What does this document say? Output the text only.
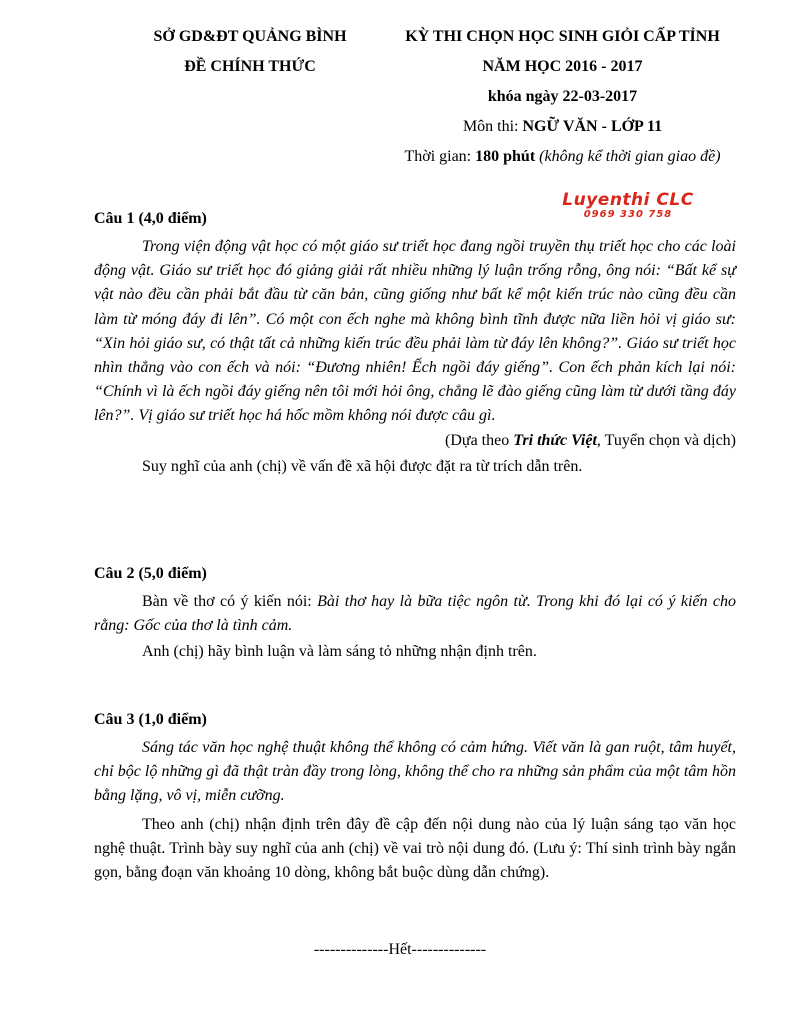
SỞ GD&ĐT QUẢNG BÌNH
ĐỀ CHÍNH THỨC
KỲ THI CHỌN HỌC SINH GIỎI CẤP TỈNH
NĂM HỌC 2016 - 2017
khóa ngày 22-03-2017
Môn thi: NGỮ VĂN - LỚP 11
Thời gian: 180 phút (không kể thời gian giao đề)
Luyenthi CLC
0969 330 758

Câu 1 (4,0 điểm)

Trong viện động vật học có một giáo sư triết học đang ngồi truyền thụ triết học cho các loài động vật. Giáo sư triết học đó giảng giải rất nhiều những lý luận trống rỗng, ông nói: “Bất kể sự vật nào đều cần phải bắt đầu từ căn bản, cũng giống như bất kể một kiến trúc nào cũng đều cần làm từ móng đáy đi lên”. Có một con ếch nghe mà không bình tĩnh được nữa liền hỏi vị giáo sư: “Xin hỏi giáo sư, có thật tất cả những kiến trúc đều phải làm từ đáy lên không?”. Giáo sư triết học nhìn thẳng vào con ếch và nói: “Đương nhiên! Ếch ngồi đáy giếng”. Con ếch phản kích lại nói: “Chính vì là ếch ngồi đáy giếng nên tôi mới hỏi ông, chẳng lẽ đào giếng cũng làm từ dưới tầng đáy lên?”. Vị giáo sư triết học há hốc mồm không nói được câu gì.

(Dựa theo Tri thức Việt, Tuyển chọn và dịch)

Suy nghĩ của anh (chị) về vấn đề xã hội được đặt ra từ trích dẫn trên.

Câu 2 (5,0 điểm)

Bàn về thơ có ý kiến nói: Bài thơ hay là bữa tiệc ngôn từ. Trong khi đó lại có ý kiến cho rằng: Gốc của thơ là tình cảm.

Anh (chị) hãy bình luận và làm sáng tỏ những nhận định trên.

Câu 3 (1,0 điểm)

Sáng tác văn học nghệ thuật không thể không có cảm hứng. Viết văn là gan ruột, tâm huyết, chỉ bộc lộ những gì đã thật tràn đầy trong lòng, không thể cho ra những sản phẩm của một tâm hồn bằng lặng, vô vị, miễn cưỡng.

Theo anh (chị) nhận định trên đây đề cập đến nội dung nào của lý luận sáng tạo văn học nghệ thuật. Trình bày suy nghĩ của anh (chị) về vai trò nội dung đó. (Lưu ý: Thí sinh trình bày ngắn gọn, bằng đoạn văn khoảng 10 dòng, không bắt buộc dùng dẫn chứng).

--------------Hết--------------
